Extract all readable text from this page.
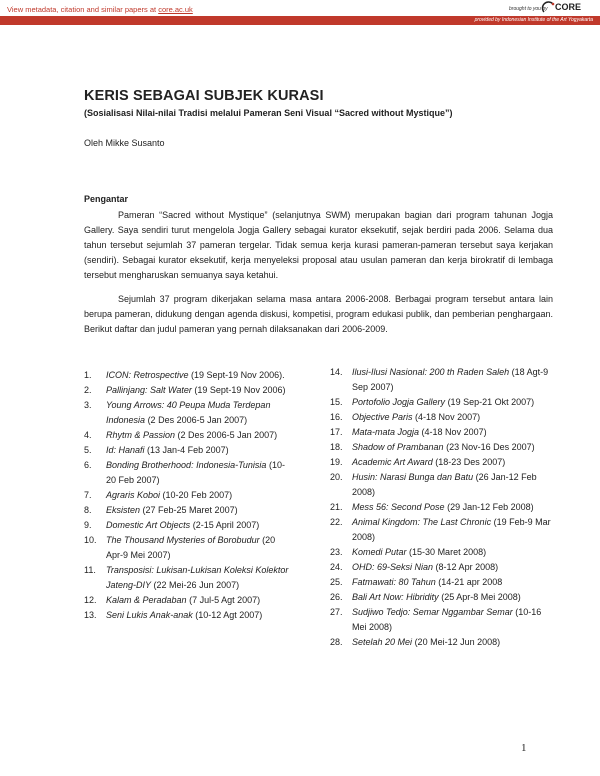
View metadata, citation and similar papers at core.ac.uk	brought to you by CORE
provided by Indonesian Institute of the Art Yogyakarta
KERIS SEBAGAI SUBJEK KURASI
(Sosialisasi Nilai-nilai Tradisi melalui Pameran Seni Visual “Sacred without Mystique”)
Oleh Mikke Susanto
Pengantar

Pameran “Sacred without Mystique” (selanjutnya SWM) merupakan bagian dari program tahunan Jogja Gallery. Saya sendiri turut mengelola Jogja Gallery sebagai kurator eksekutif, sejak berdiri pada 2006. Selama dua tahun tersebut sejumlah 37 pameran tergelar. Tidak semua kerja kurasi pameran-pameran tersebut saya kerjakan (sendiri). Sebagai kurator eksekutif, kerja menyeleksi proposal atau usulan pameran dan kerja birokratif di lembaga tersebut mengharuskan semuanya saya ketahui.

Sejumlah 37 program dikerjakan selama masa antara 2006-2008. Berbagai program tersebut antara lain berupa pameran, didukung dengan agenda diskusi, kompetisi, program edukasi publik, dan pemberian penghargaan. Berikut daftar dan judul pameran yang pernah dilaksanakan dari 2006-2009.

1. ICON: Retrospective (19 Sept-19 Nov 2006).
2. Pallinjang: Salt Water (19 Sept-19 Nov 2006)
3. Young Arrows: 40 Peupa Muda Terdepan Indonesia (2 Des 2006-5 Jan 2007)
4. Rhytm & Passion (2 Des 2006-5 Jan 2007)
5. Id: Hanafi (13 Jan-4 Feb 2007)
6. Bonding Brotherhood: Indonesia-Tunisia (10-20 Feb 2007)
7. Agraris Koboi (10-20 Feb 2007)
8. Eksisten (27 Feb-25 Maret 2007)
9. Domestic Art Objects (2-15 April 2007)
10. The Thousand Mysteries of Borobudur (20 Apr-9 Mei 2007)
11. Transposisi: Lukisan-Lukisan Koleksi Kolektor Jateng-DIY (22 Mei-26 Jun 2007)
12. Kalam & Peradaban (7 Jul-5 Agt 2007)
13. Seni Lukis Anak-anak (10-12 Agt 2007)
14. Ilusi-Ilusi Nasional: 200 th Raden Saleh (18 Agt-9 Sep 2007)
15. Portofolio Jogja Gallery (19 Sep-21 Okt 2007)
16. Objective Paris (4-18 Nov 2007)
17. Mata-mata Jogja (4-18 Nov 2007)
18. Shadow of Prambanan (23 Nov-16 Des 2007)
19. Academic Art Award (18-23 Des 2007)
20. Husin: Narasi Bunga dan Batu (26 Jan-12 Feb 2008)
21. Mess 56: Second Pose (29 Jan-12 Feb 2008)
22. Animal Kingdom: The Last Chronic (19 Feb-9 Mar 2008)
23. Komedi Putar (15-30 Maret 2008)
24. OHD: 69-Seksi Nian (8-12 Apr 2008)
25. Fatmawati: 80 Tahun (14-21 apr 2008
26. Bali Art Now: Hibridity (25 Apr-8 Mei 2008)
27. Sudjiwo Tedjo: Semar Nggambar Semar (10-16 Mei 2008)
28. Setelah 20 Mei (20 Mei-12 Jun 2008)
1
